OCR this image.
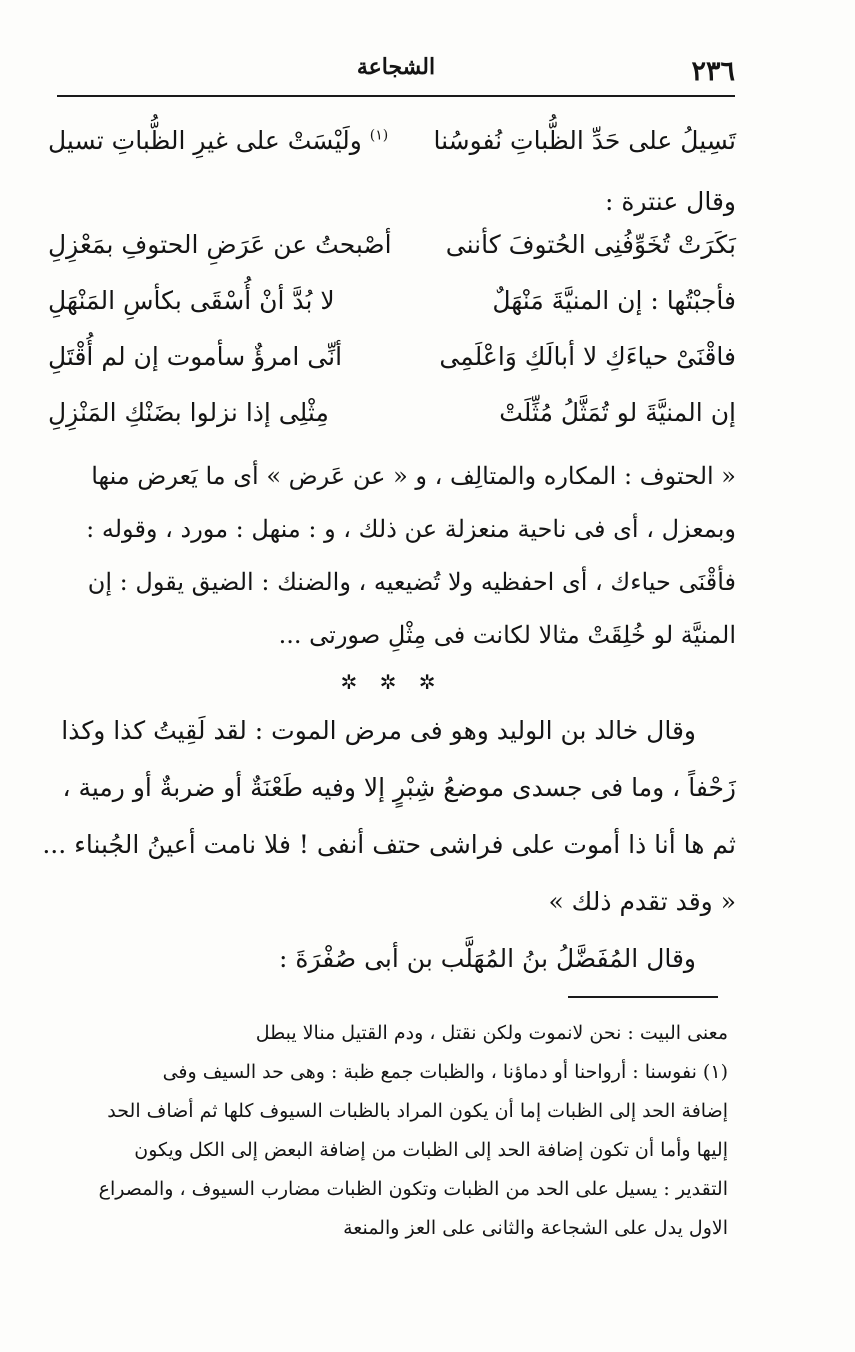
٢٣٦
الشجاعة
تَسِيلُ على حَدِّ الظُّباتِ نُفوسُنا
$^{(١)}$ ولَيْسَتْ على غيرِ الظُّباتِ تسيل
وقال عنترة :
بَكَرَتْ تُخَوِّفُنِى الحُتوفَ كأننى
أصْبحتُ عن عَرَضِ الحتوفِ بمَعْزِلِ
فأجبْتُها : إن المنيَّةَ مَنْهَلٌ
لا بُدَّ أنْ أُسْقَى بكأسِ المَنْهَلِ
فاقْنَىْ حياءَكِ لا أبالَكِ وَاعْلَمِى
أنِّى امرؤٌ سأموت إن لم أُقْتَلِ
إن المنيَّةَ لو تُمَثَّلُ مُثِّلَتْ
مِثْلِى إذا نزلوا بضَنْكِ المَنْزِلِ
« الحتوف : المكاره والمتالِف ، و « عن عَرض » أى ما يَعرض منها
وبمعزل ، أى فى ناحية منعزلة عن ذلك ، و : منهل : مورد ، وقوله :
فأقْنَى حياءك ، أى احفظيه ولا تُضيعيه ، والضنك : الضيق يقول : إن
المنيَّة لو خُلِقَتْ مثالا لكانت فى مِثْلِ صورتى ...
✲ ✲ ✲
وقال خالد بن الوليد وهو فى مرض الموت : لقد لَقِيتُ كذا وكذا
زَحْفاً ، وما فى جسدى موضعُ شِبْرٍ إلا وفيه طَعْنَةٌ أو ضربةٌ أو رمية ،
ثم ها أنا ذا أموت على فراشى حتف أنفى ! فلا نامت أعينُ الجُبناء ...
« وقد تقدم ذلك »
وقال المُفَضَّلُ بنُ المُهَلَّب بن أبى صُفْرَةَ :
معنى البيت : نحن لانموت ولكن نقتل ، ودم القتيل منالا يبطل
(١) نفوسنا : أرواحنا أو دماؤنا ، والظبات جمع ظبة : وهى حد السيف وفى
إضافة الحد إلى الظبات إما أن يكون المراد بالظبات السيوف كلها ثم أضاف الحد
إليها وأما أن تكون إضافة الحد إلى الظبات من إضافة البعض إلى الكل ويكون
التقدير : يسيل على الحد من الظبات وتكون الظبات مضارب السيوف ، والمصراع
الاول يدل على الشجاعة والثانى على العز والمنعة
